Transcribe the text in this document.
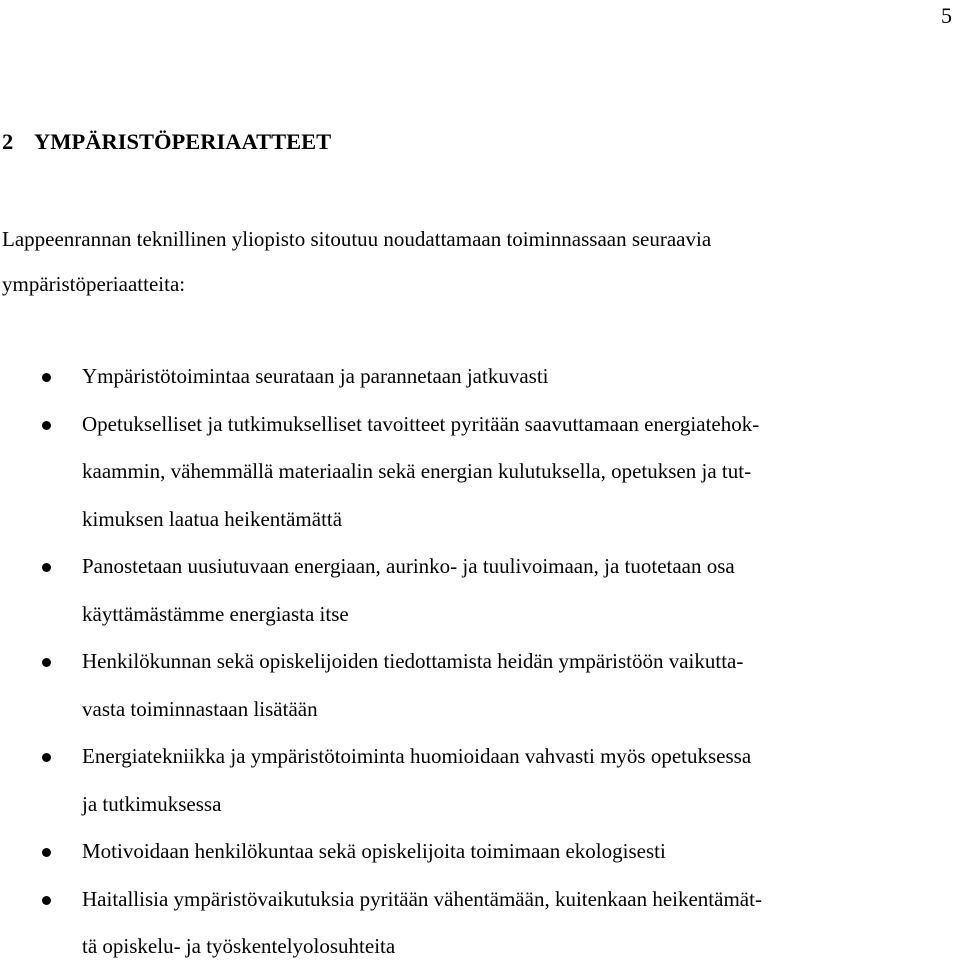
5
2 YMPÄRISTÖPERIAATTEET

Lappeenrannan teknillinen yliopisto sitoutuu noudattamaan toiminnassaan seuraavia
ympäristöperiaatteita:

Ympäristötoimintaa seurataan ja parannetaan jatkuvasti
Opetukselliset ja tutkimukselliset tavoitteet pyritään saavuttamaan energiatehok-
kaammin, vähemmällä materiaalin sekä energian kulutuksella, opetuksen ja tut-
kimuksen laatua heikentämättä
Panostetaan uusiutuvaan energiaan, aurinko- ja tuulivoimaan, ja tuotetaan osa
käyttämästämme energiasta itse
Henkilökunnan sekä opiskelijoiden tiedottamista heidän ympäristöön vaikutta-
vasta toiminnastaan lisätään
Energiatekniikka ja ympäristötoiminta huomioidaan vahvasti myös opetuksessa
ja tutkimuksessa
Motivoidaan henkilökuntaa sekä opiskelijoita toimimaan ekologisesti
Haitallisia ympäristövaikutuksia pyritään vähentämään, kuitenkaan heikentämät-
tä opiskelu- ja työskentelyolosuhteita
